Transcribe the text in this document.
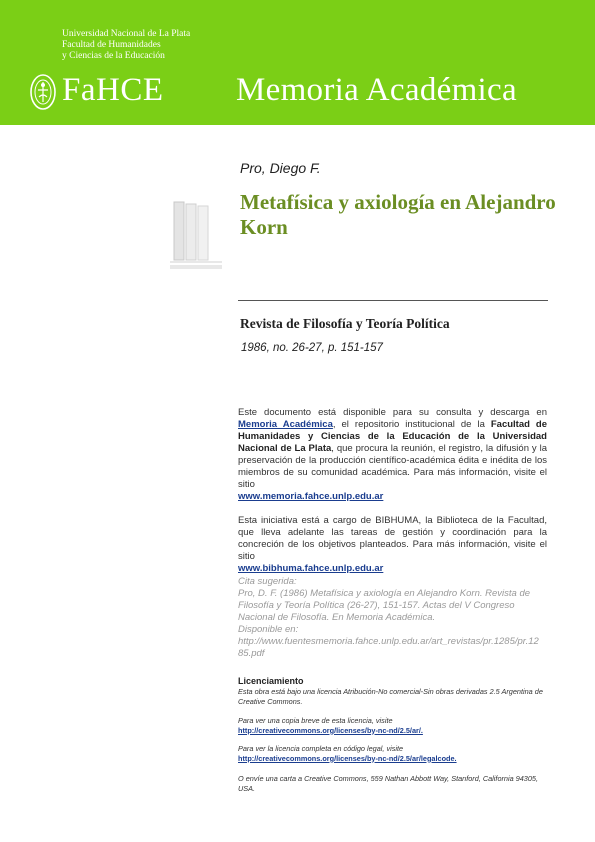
Universidad Nacional de La Plata
Facultad de Humanidades
y Ciencias de la Educación
FaHCE Memoria Académica
Pro, Diego F.
Metafísica y axiología en Alejandro Korn
Revista de Filosofía y Teoría Política
1986, no. 26-27, p. 151-157
Este documento está disponible para su consulta y descarga en Memoria Académica, el repositorio institucional de la Facultad de Humanidades y Ciencias de la Educación de la Universidad Nacional de La Plata, que procura la reunión, el registro, la difusión y la preservación de la producción científico-académica édita e inédita de los miembros de su comunidad académica. Para más información, visite el sitio
www.memoria.fahce.unlp.edu.ar
Esta iniciativa está a cargo de BIBHUMA, la Biblioteca de la Facultad, que lleva adelante las tareas de gestión y coordinación para la concreción de los objetivos planteados. Para más información, visite el sitio
www.bibhuma.fahce.unlp.edu.ar
Cita sugerida:
Pro, D. F. (1986) Metafísica y axiología en Alejandro Korn. Revista de Filosofía y Teoría Política (26-27), 151-157. Actas del V Congreso Nacional de Filosofía. En Memoria Académica.
Disponible en:
http://www.fuentesmemoria.fahce.unlp.edu.ar/art_revistas/pr.1285/pr.1285.pdf
Licenciamiento
Esta obra está bajo una licencia Atribución-No comercial-Sin obras derivadas 2.5 Argentina de Creative Commons.
Para ver una copia breve de esta licencia, visite
http://creativecommons.org/licenses/by-nc-nd/2.5/ar/.
Para ver la licencia completa en código legal, visite
http://creativecommons.org/licenses/by-nc-nd/2.5/ar/legalcode.
O envíe una carta a Creative Commons, 559 Nathan Abbott Way, Stanford, California 94305, USA.
